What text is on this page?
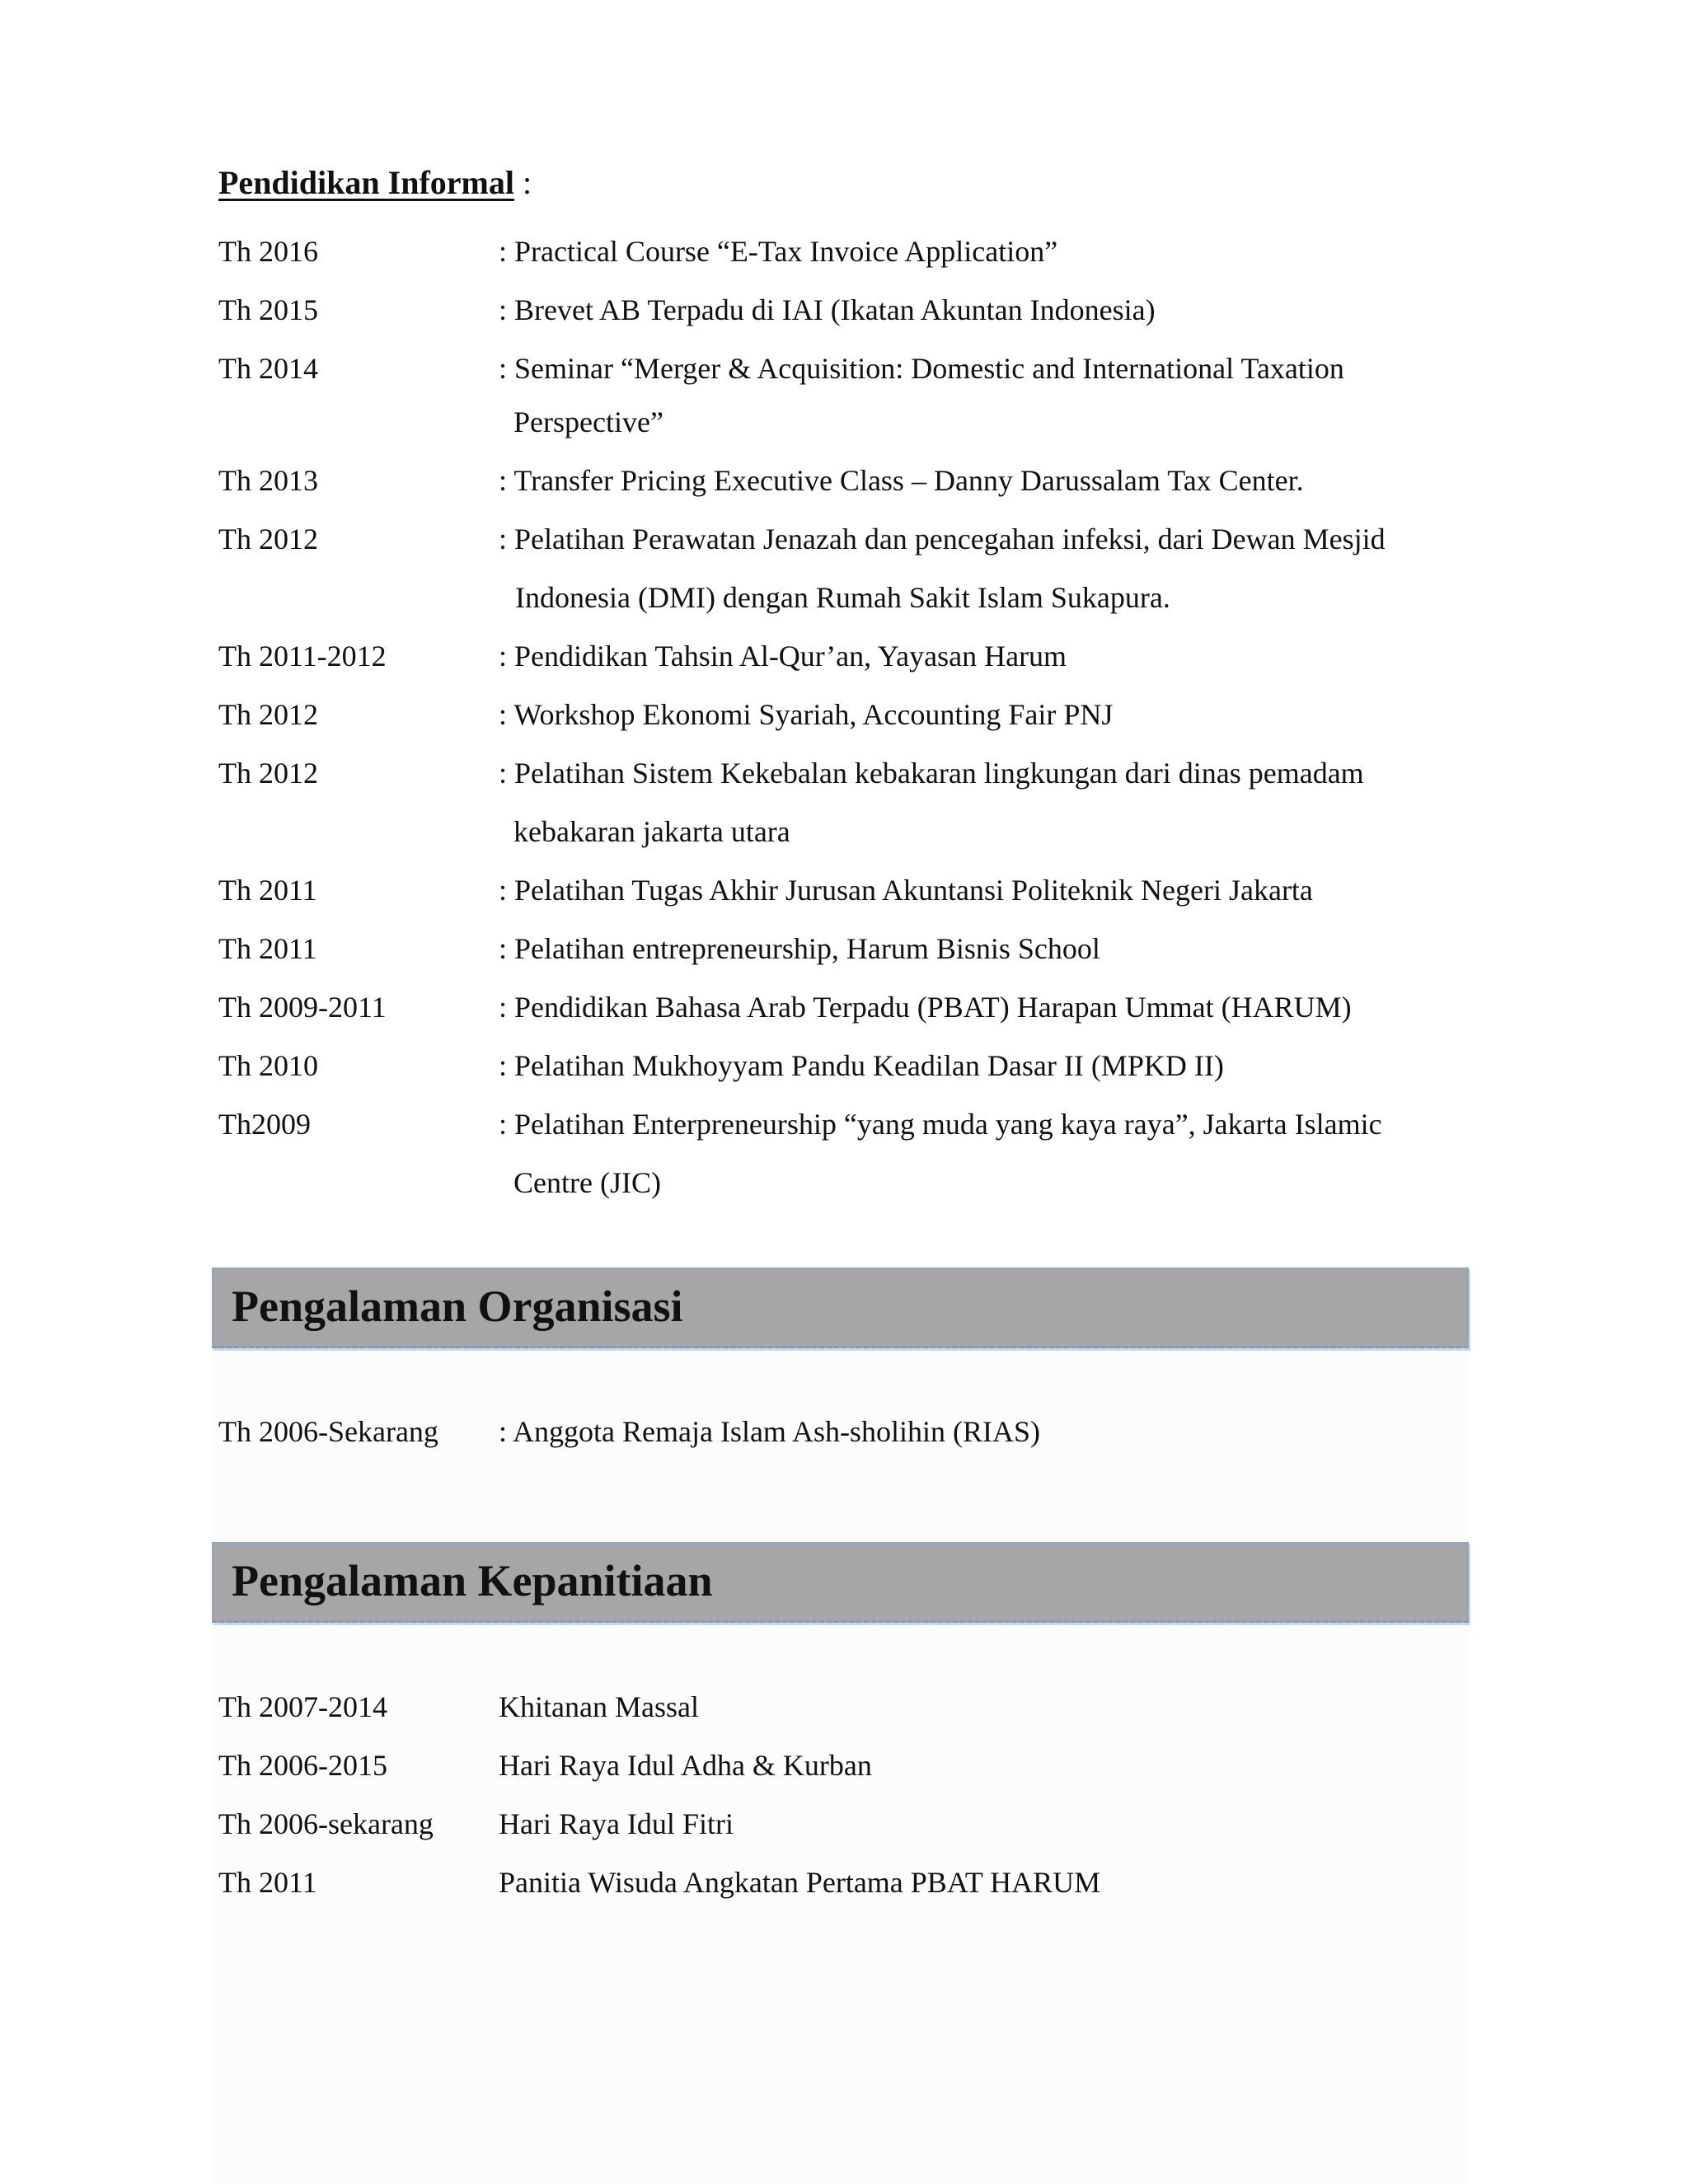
Pendidikan Informal :
Th 2016	: Practical Course “E-Tax Invoice Application”
Th 2015	: Brevet AB Terpadu di IAI (Ikatan Akuntan Indonesia)
Th 2014	: Seminar “Merger & Acquisition: Domestic and International Taxation
Perspective”
Th 2013	: Transfer Pricing Executive Class – Danny Darussalam Tax Center.
Th 2012	: Pelatihan Perawatan Jenazah dan pencegahan infeksi, dari Dewan Mesjid
Indonesia (DMI) dengan Rumah Sakit Islam Sukapura.
Th 2011-2012	: Pendidikan Tahsin Al-Qur’an, Yayasan Harum
Th 2012	: Workshop Ekonomi Syariah, Accounting Fair PNJ
Th 2012	: Pelatihan Sistem Kekebalan kebakaran lingkungan dari dinas pemadam
kebakaran jakarta utara
Th 2011	: Pelatihan Tugas Akhir Jurusan Akuntansi Politeknik Negeri Jakarta
Th 2011	: Pelatihan entrepreneurship, Harum Bisnis School
Th 2009-2011	: Pendidikan Bahasa Arab Terpadu (PBAT) Harapan Ummat (HARUM)
Th 2010	: Pelatihan Mukhoyyam Pandu Keadilan Dasar II (MPKD II)
Th2009	: Pelatihan Enterpreneurship “yang muda yang kaya raya”, Jakarta Islamic
Centre (JIC)
Pengalaman Organisasi
Th 2006-Sekarang : Anggota Remaja Islam Ash-sholihin (RIAS)
Pengalaman Kepanitiaan
Th 2007-2014	Khitanan Massal
Th 2006-2015	Hari Raya Idul Adha & Kurban
Th 2006-sekarang Hari Raya Idul Fitri
Th 2011	Panitia Wisuda Angkatan Pertama PBAT HARUM
